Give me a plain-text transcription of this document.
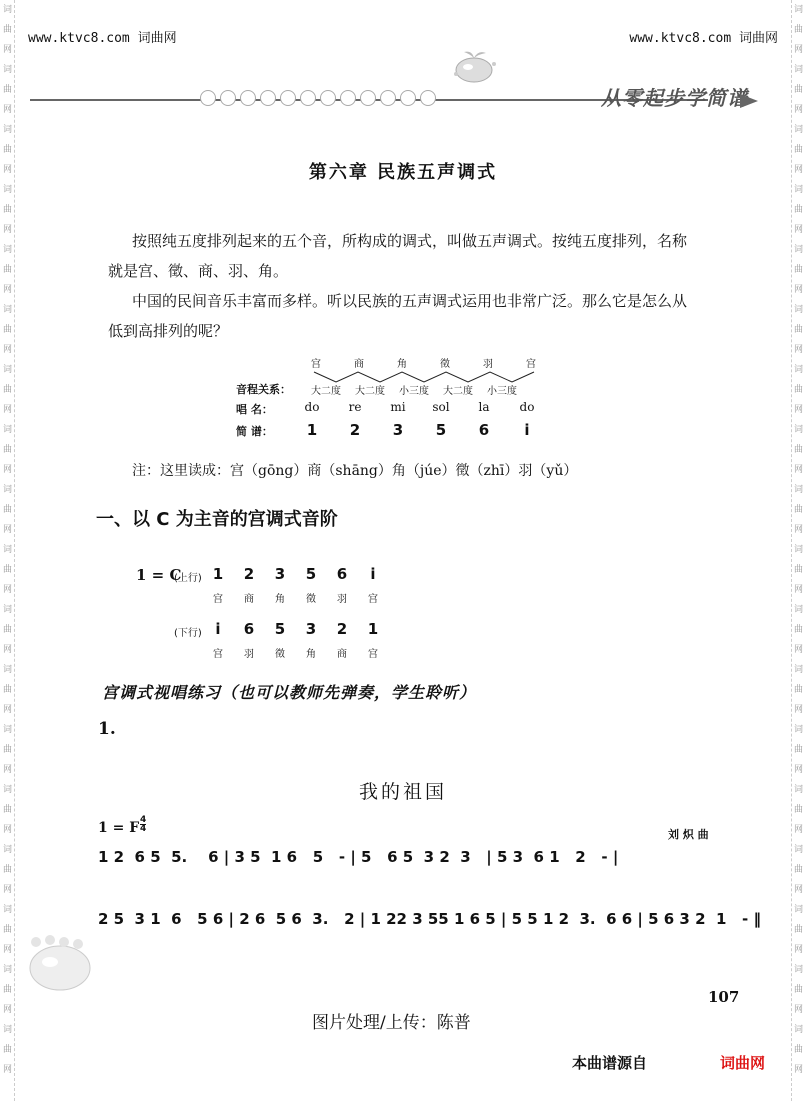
词
曲
网
词
曲
网
词
曲
网
词
曲
网
词
曲
网
词
曲
网
词
曲
网
词
曲
网
词
曲
网
词
曲
网
词
曲
网
词
曲
网
词
曲
网
词
曲
网
词
曲
网
词
曲
网
词
曲
网
词
曲
网
词
曲
网
词
曲
网
词
曲
网
词
曲
网
词
曲
网
词
曲
网
词
曲
网
词
曲
网
词
曲
网
词
曲
网
词
曲
网
词
曲
网
词
曲
网
词
曲
网
词
曲
网
词
曲
网
词
曲
网
词
曲
网
www.ktvc8.com 词曲网	www.ktvc8.com 词曲网
从零起步学简谱
第六章 民族五声调式
按照纯五度排列起来的五个音，所构成的调式，叫做五声调式。按纯五度排列，名称
就是宫、徵、商、羽、角。
中国的民间音乐丰富而多样。听以民族的五声调式运用也非常广泛。那么它是怎么从
低到高排列的呢？
宫	商	角	徵	羽	宫
音程关系：	大二度	大二度	小三度	大二度	小三度
唱 名：	do	re	mi	sol	la	do
简 谱：	1	2	3	5	6	i
注：这里读成：宫（gōng）商（shāng）角（júe）徵（zhī）羽（yǔ）
一、以 C 为主音的宫调式音阶
1 = C
(上行) 1	2	3	5	6	i
宫	商	角	徵	羽	宫
(下行) i	6	5	3	2	1
宫	羽	徵	角	商	宫
宫调式视唱练习（也可以教师先弹奏，学生聆听）
1.
我的祖国
1 = F 4
4	刘 炽 曲
1 2  6 5  5.    6 | 3 5  1 6   5   - | 5   6 5  3 2  3   | 5 3  6 1   2   - |
2 5  3 1  6   5 6 | 2 6  5 6  3.   2 | 1 22 3 55 1 6 5 | 5 5 1 2  3.  6 6 | 5 6 3 2  1   - ‖
107
图片处理/上传：陈普
本曲谱源自	词曲网
